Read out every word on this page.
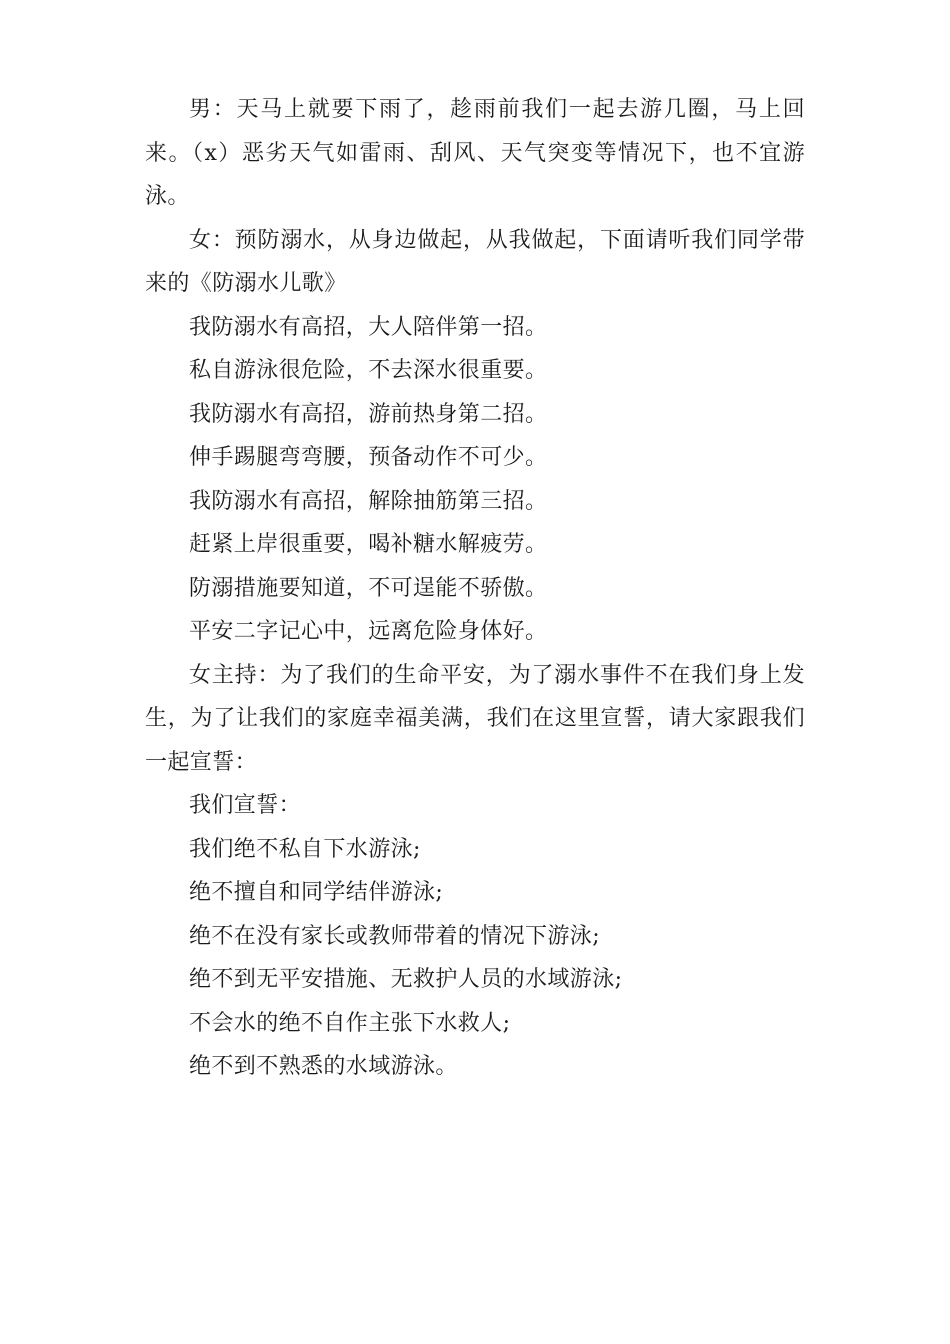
男：天马上就要下雨了，趁雨前我们一起去游几圈，马上回来。（x）恶劣天气如雷雨、刮风、天气突变等情况下，也不宜游泳。

女：预防溺水，从身边做起，从我做起，下面请听我们同学带来的《防溺水儿歌》

我防溺水有高招，大人陪伴第一招。

私自游泳很危险，不去深水很重要。

我防溺水有高招，游前热身第二招。

伸手踢腿弯弯腰，预备动作不可少。

我防溺水有高招，解除抽筋第三招。

赶紧上岸很重要，喝补糖水解疲劳。

防溺措施要知道，不可逞能不骄傲。

平安二字记心中，远离危险身体好。

女主持：为了我们的生命平安，为了溺水事件不在我们身上发生，为了让我们的家庭幸福美满，我们在这里宣誓，请大家跟我们一起宣誓：

我们宣誓：

我们绝不私自下水游泳;

绝不擅自和同学结伴游泳;

绝不在没有家长或教师带着的情况下游泳;

绝不到无平安措施、无救护人员的水域游泳;

不会水的绝不自作主张下水救人;

绝不到不熟悉的水域游泳。
